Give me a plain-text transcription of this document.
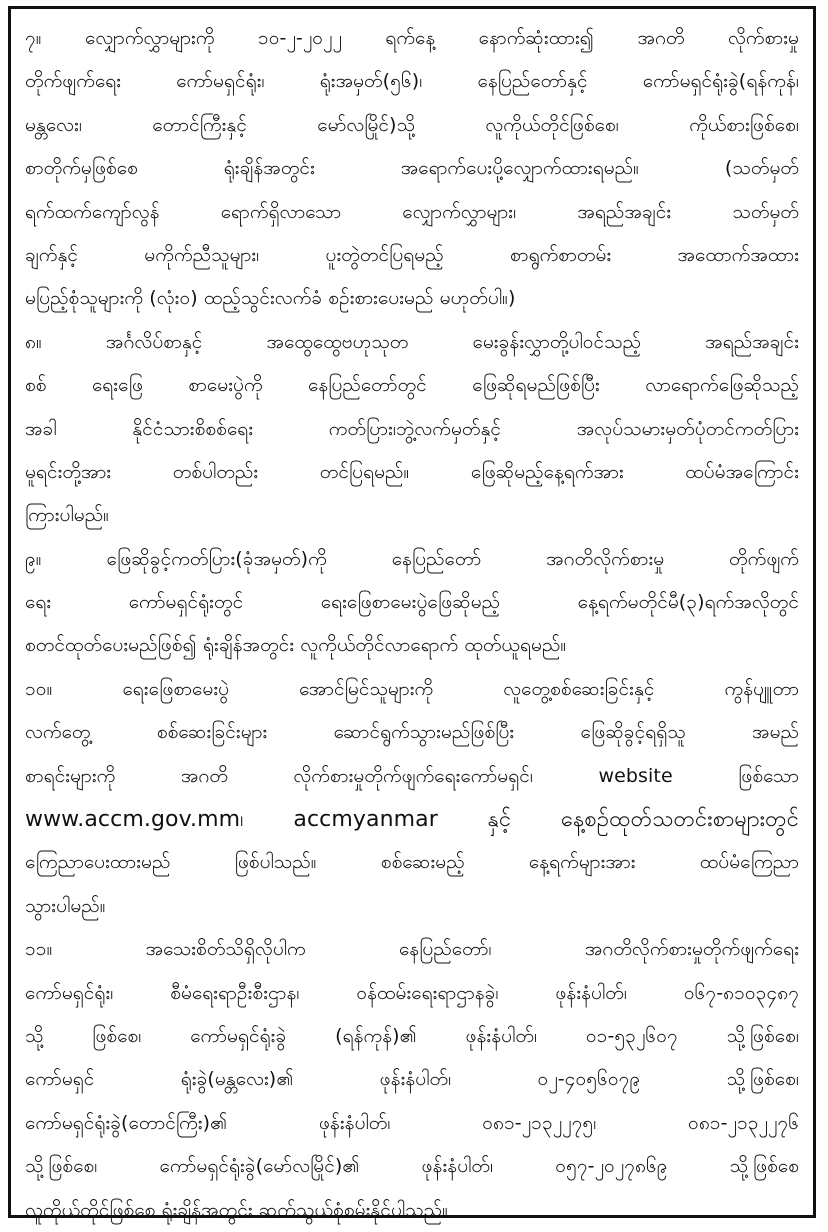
၇။ လျှောက်လွှာများကို ၁၀-၂-၂၀၂၂ ရက်နေ့ နောက်ဆုံးထား၍ အဂတိ လိုက်စားမှု
တိုက်ဖျက်ရေး ကော်မရှင်ရုံး၊ ရုံးအမှတ်(၅၆)၊ နေပြည်တော်နှင့် ကော်မရှင်ရုံးခွဲ(ရန်ကုန်၊
မန္တလေး၊ တောင်ကြီးနှင့် မော်လမြိုင်)သို့ လူကိုယ်တိုင်ဖြစ်စေ၊ ကိုယ်စားဖြစ်စေ၊
စာတိုက်မှဖြစ်စေ ရုံးချိန်အတွင်း အရောက်ပေးပို့လျှောက်ထားရမည်။ (သတ်မှတ်
ရက်ထက်ကျော်လွန် ရောက်ရှိလာသော လျှောက်လွှာများ၊ အရည်အချင်း သတ်မှတ်
ချက်နှင့် မကိုက်ညီသူများ၊ ပူးတွဲတင်ပြရမည့် စာရွက်စာတမ်း အထောက်အထား
မပြည့်စုံသူများကို (လုံးဝ) ထည့်သွင်းလက်ခံ စဉ်းစားပေးမည် မဟုတ်ပါ။)
၈။ အင်္ဂလိပ်စာနှင့် အထွေထွေဗဟုသုတ မေးခွန်းလွှာတို့ပါဝင်သည့် အရည်အချင်း
စစ် ရေးဖြေ စာမေးပွဲကို နေပြည်တော်တွင် ဖြေဆိုရမည်ဖြစ်ပြီး လာရောက်ဖြေဆိုသည့်
အခါ နိုင်ငံသားစိစစ်ရေး ကတ်ပြား၊ဘွဲ့လက်မှတ်နှင့် အလုပ်သမားမှတ်ပုံတင်ကတ်ပြား
မူရင်းတို့အား တစ်ပါတည်း တင်ပြရမည်။ ဖြေဆိုမည့်နေ့ရက်အား ထပ်မံအကြောင်း
ကြားပါမည်။
၉။ ဖြေဆိုခွင့်ကတ်ပြား(ခုံအမှတ်)ကို နေပြည်တော် အဂတိလိုက်စားမှု တိုက်ဖျက်
ရေး ကော်မရှင်ရုံးတွင် ရေးဖြေစာမေးပွဲဖြေဆိုမည့် နေ့ရက်မတိုင်မီ(၃)ရက်အလိုတွင်
စတင်ထုတ်ပေးမည်ဖြစ်၍ ရုံးချိန်အတွင်း လူကိုယ်တိုင်လာရောက် ထုတ်ယူရမည်။
၁၀။ ရေးဖြေစာမေးပွဲ အောင်မြင်သူများကို လူတွေ့စစ်ဆေးခြင်းနှင့် ကွန်ပျူတာ
လက်တွေ့ စစ်ဆေးခြင်းများ ဆောင်ရွက်သွားမည်ဖြစ်ပြီး ဖြေဆိုခွင့်ရရှိသူ အမည်
စာရင်းများကို အဂတိ လိုက်စားမှုတိုက်ဖျက်ရေးကော်မရှင်၊ website ဖြစ်သော
www.accm.gov.mm၊ accmyanmar နှင့် နေ့စဉ်ထုတ်သတင်းစာများတွင်
ကြေညာပေးထားမည် ဖြစ်ပါသည်။ စစ်ဆေးမည့် နေ့ရက်များအား ထပ်မံကြေညာ
သွားပါမည်။
၁၁။ အသေးစိတ်သိရှိလိုပါက နေပြည်တော်၊ အဂတိလိုက်စားမှုတိုက်ဖျက်ရေး
ကော်မရှင်ရုံး၊ စီမံရေးရာဦးစီးဌာန၊ ဝန်ထမ်းရေးရာဌာနခွဲ၊ ဖုန်းနံပါတ်၊ ၀၆၇-၈၁၀၃၄၈၇
သို့ ဖြစ်စေ၊ ကော်မရှင်ရုံးခွဲ (ရန်ကုန်)၏ ဖုန်းနံပါတ်၊ ၀၁-၅၃၂၆၀၇ သို့ဖြစ်စေ၊
ကော်မရှင် ရုံးခွဲ(မန္တလေး)၏ ဖုန်းနံပါတ်၊ ၀၂-၄၀၅၆၀၇၉ သို့ဖြစ်စေ၊
ကော်မရှင်ရုံးခွဲ(တောင်ကြီး)၏ ဖုန်းနံပါတ်၊ ၀၈၁-၂၁၃၂၂၇၅၊ ၀၈၁-၂၁၃၂၂၇၆
သို့ဖြစ်စေ၊ ကော်မရှင်ရုံးခွဲ(မော်လမြိုင်)၏ ဖုန်းနံပါတ်၊ ၀၅၇-၂၀၂၇၈၆၉ သို့ဖြစ်စေ
လူကိုယ်တိုင်ဖြစ်စေ ရုံးချိန်အတွင်း ဆက်သွယ်စုံစမ်းနိုင်ပါသည်။
